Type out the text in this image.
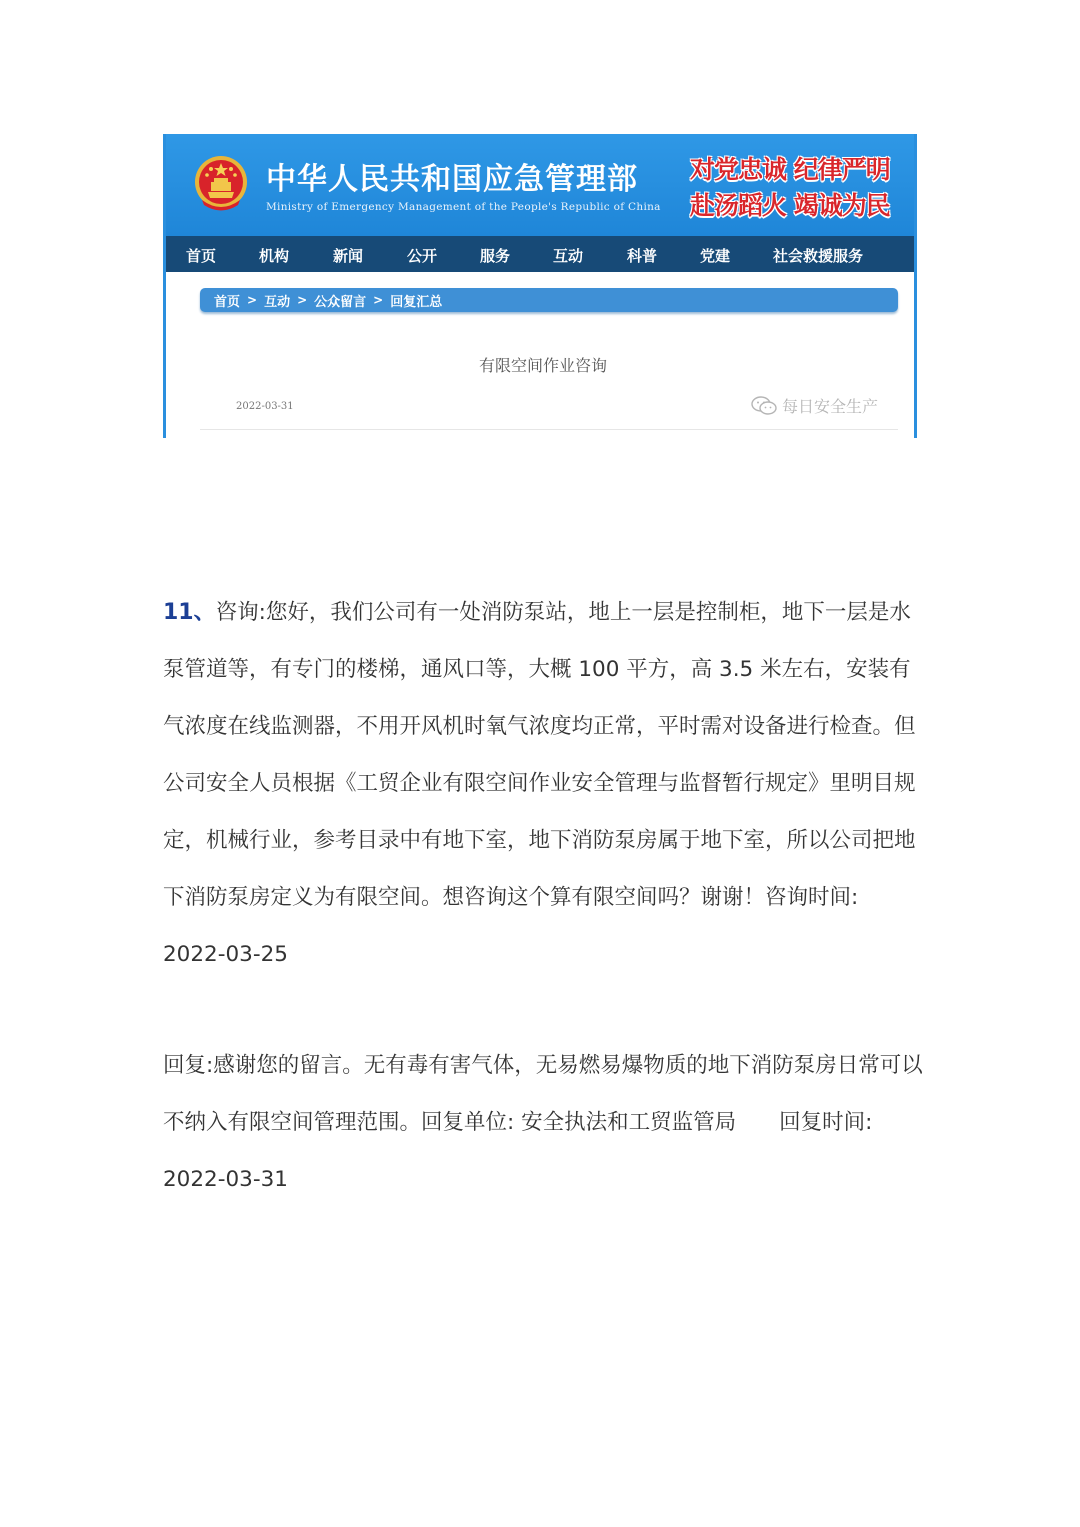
中华人民共和国应急管理部
Ministry of Emergency Management of the People's Republic of China
对党忠诚 纪律严明
赴汤蹈火 竭诚为民
首页	机构	新闻	公开	服务	互动	科普	党建	社会救援服务
首页 > 互动 > 公众留言 > 回复汇总
有限空间作业咨询
2022-03-31	每日安全生产

11、咨询:您好，我们公司有一处消防泵站，地上一层是控制柜，地下一层是水泵管道等，有专门的楼梯，通风口等，大概 100 平方，高 3.5 米左右，安装有气浓度在线监测器，不用开风机时氧气浓度均正常，平时需对设备进行检查。但公司安全人员根据《工贸企业有限空间作业安全管理与监督暂行规定》里明目规定，机械行业，参考目录中有地下室，地下消防泵房属于地下室，所以公司把地下消防泵房定义为有限空间。想咨询这个算有限空间吗？谢谢！咨询时间: 2022-03-25

回复:感谢您的留言。无有毒有害气体，无易燃易爆物质的地下消防泵房日常可以不纳入有限空间管理范围。回复单位: 安全执法和工贸监管局　　回复时间: 2022-03-31
